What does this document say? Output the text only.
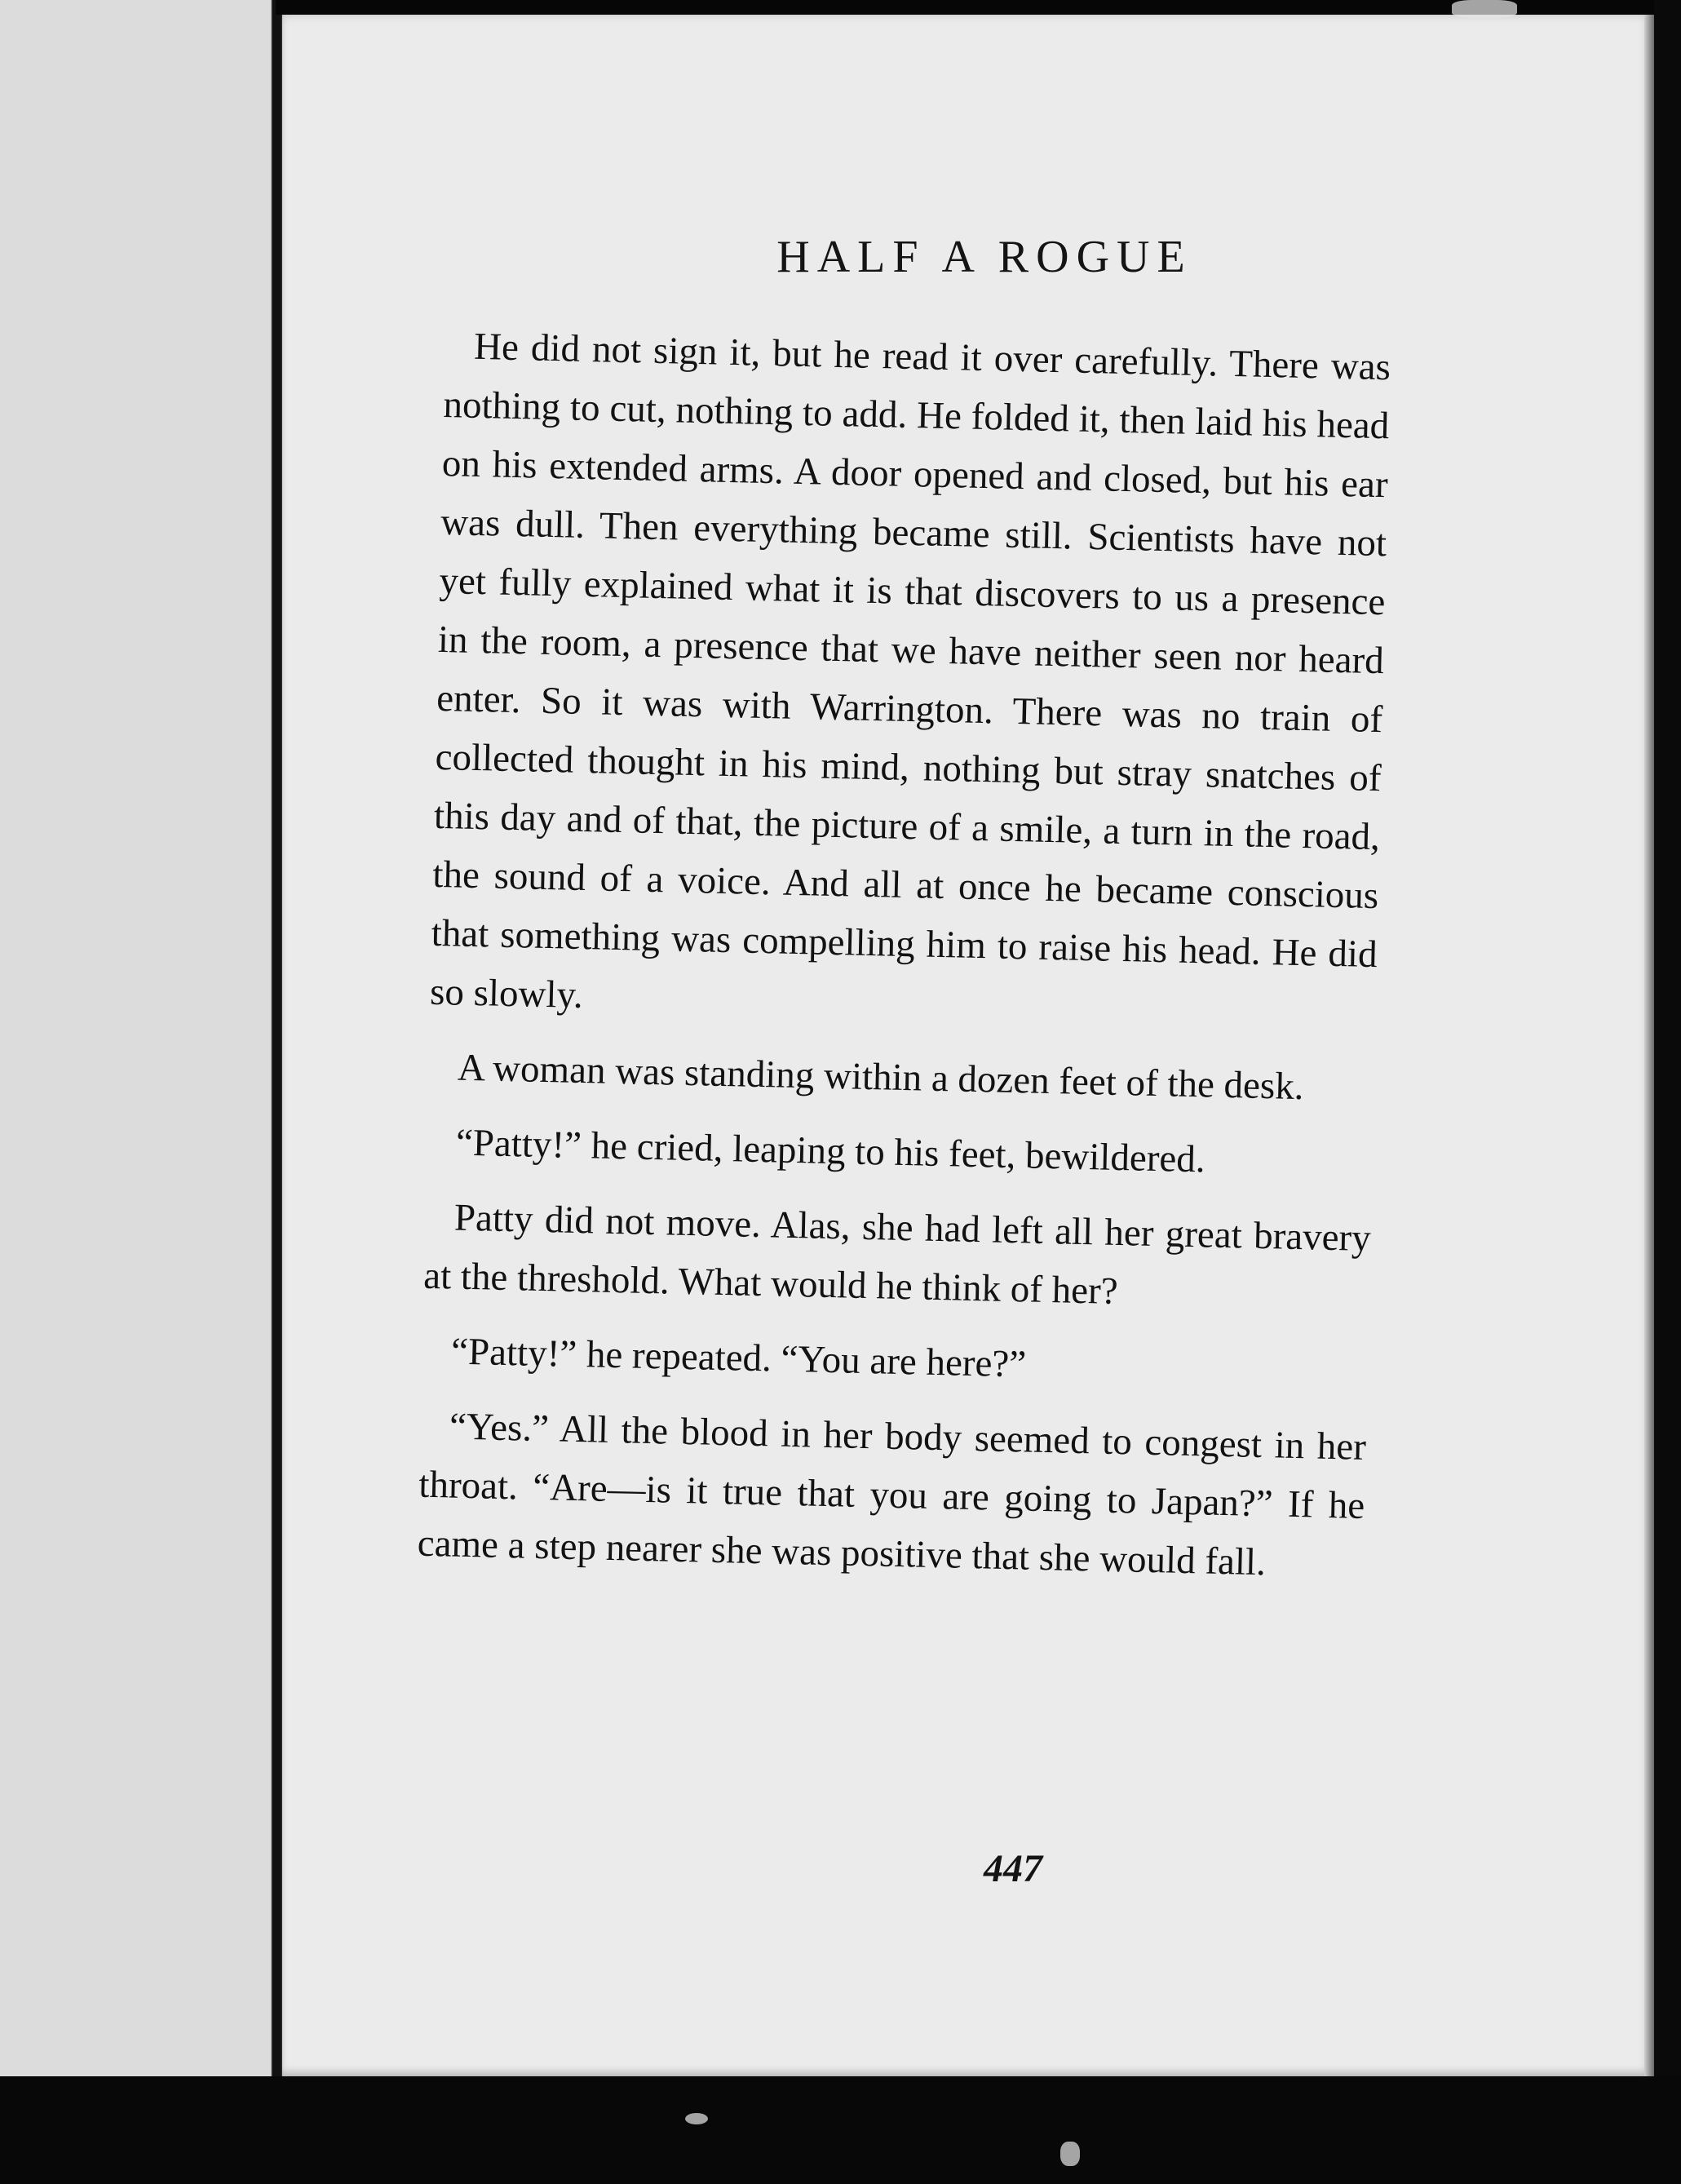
HALF A ROGUE

He did not sign it, but he read it over carefully. There was nothing to cut, nothing to add. He folded it, then laid his head on his extended arms. A door opened and closed, but his ear was dull. Then everything became still. Scientists have not yet fully explained what it is that discovers to us a presence in the room, a presence that we have neither seen nor heard enter. So it was with Warrington. There was no train of collected thought in his mind, nothing but stray snatches of this day and of that, the picture of a smile, a turn in the road, the sound of a voice. And all at once he became conscious that something was compelling him to raise his head. He did so slowly.

A woman was standing within a dozen feet of the desk.

“Patty!” he cried, leaping to his feet, bewildered.

Patty did not move. Alas, she had left all her great bravery at the threshold. What would he think of her?

“Patty!” he repeated. “You are here?”

“Yes.” All the blood in her body seemed to congest in her throat. “Are—is it true that you are going to Japan?” If he came a step nearer she was positive that she would fall.

447
